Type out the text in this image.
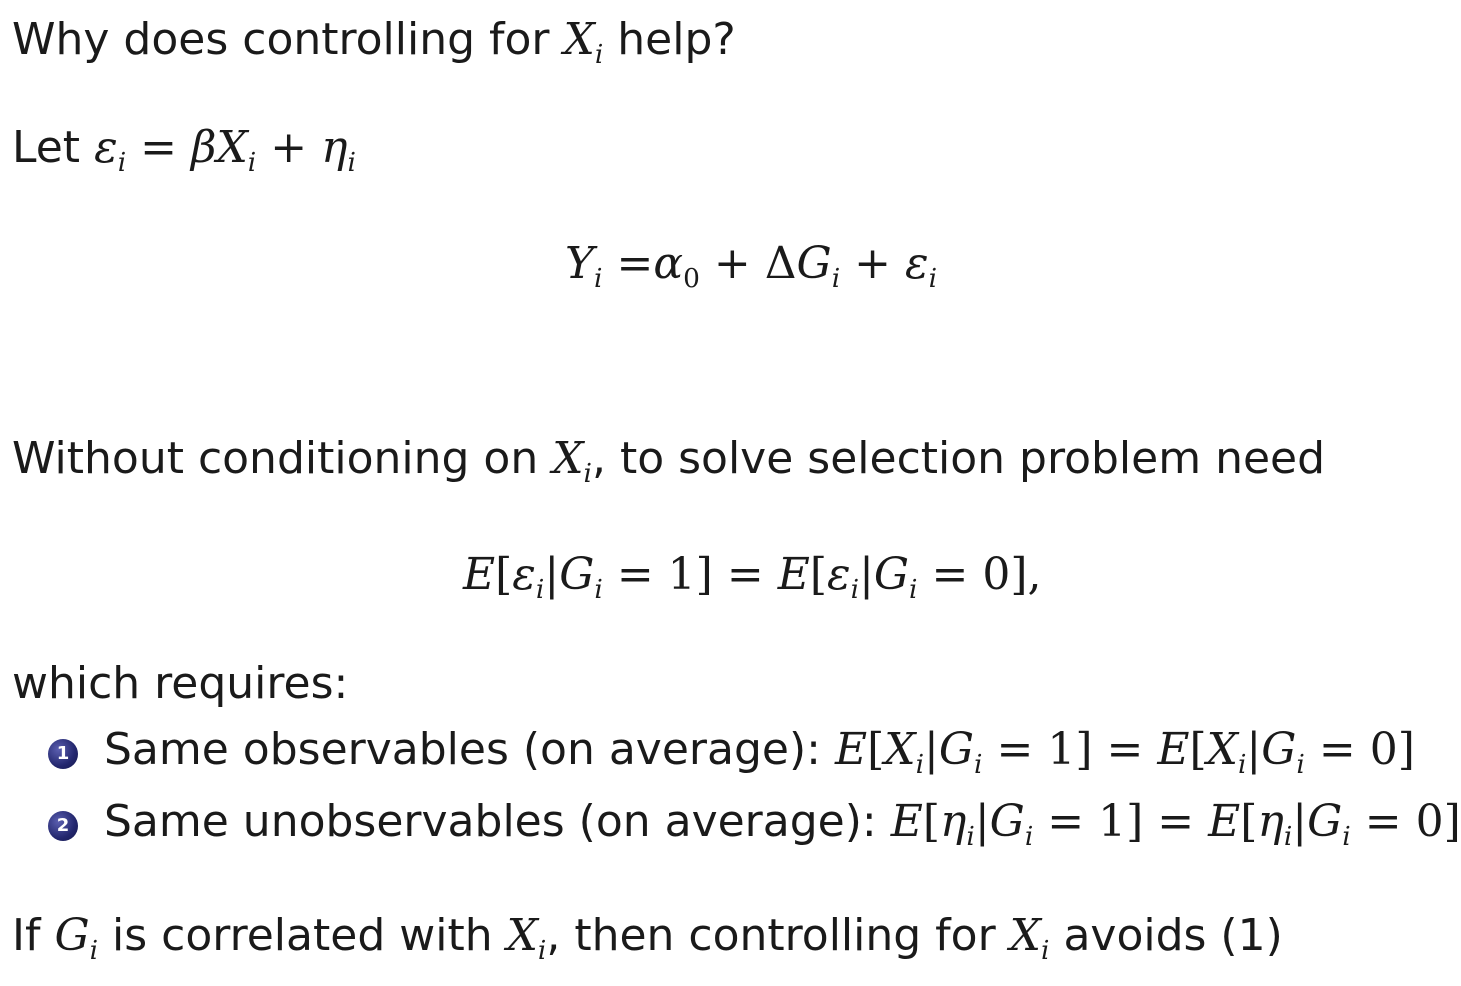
Why does controlling for $X_i$ help?
Let $\varepsilon_i = \beta X_i + \eta_i$
$Y_i =\alpha_0 + \Delta G_i + \varepsilon_i$
Without conditioning on $X_i$, to solve selection problem need
$E[\varepsilon_i|G_i = 1] = E[\varepsilon_i|G_i = 0]$,
which requires:
1 Same observables (on average): $E[X_i|G_i = 1] = E[X_i|G_i = 0]$
2 Same unobservables (on average): $E[\eta_i|G_i = 1] = E[\eta_i|G_i = 0]$
If $G_i$ is correlated with $X_i$, then controlling for $X_i$ avoids (1)
